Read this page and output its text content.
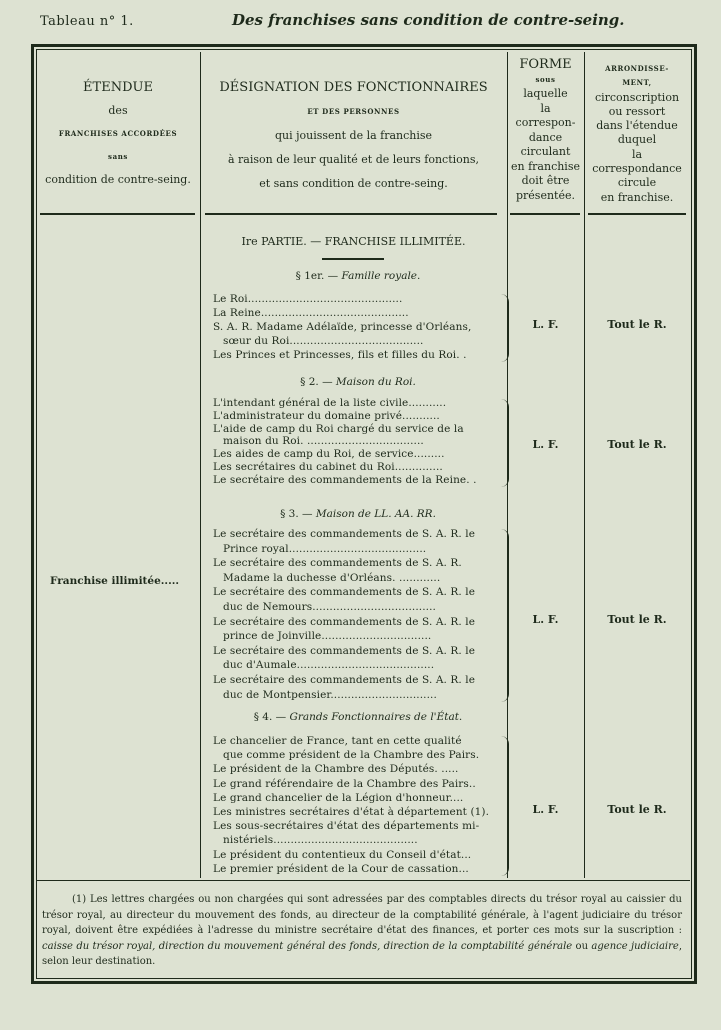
Tableau n° 1.	Des franchises sans condition de contre-seing.
ÉTENDUE
des
FRANCHISES ACCORDÉES
sans
condition de contre-seing.
DÉSIGNATION DES FONCTIONNAIRES
ET DES PERSONNES
qui jouissent de la franchise
à raison de leur qualité et de leurs fonctions,
et sans condition de contre-seing.
FORME
sous
laquelle
la
correspon-
dance
circulant
en franchise
doit être
présentée.
ARRONDISSE-
MENT,
circonscription
ou ressort
dans l'étendue
duquel
la
correspondance
circule
en franchise.
Ire PARTIE. — FRANCHISE ILLIMITÉE.
Franchise illimitée.....
§ 1er. — Famille royale.
Le Roi.............................................
La Reine...........................................
S. A. R. Madame Adélaïde, princesse d'Orléans,
sœur du Roi.......................................
Les Princes et Princesses, fils et filles du Roi. .
L. F.	Tout le R.
§ 2. — Maison du Roi.
L'intendant général de la liste civile...........
L'administrateur du domaine privé...........
L'aide de camp du Roi chargé du service de la
maison du Roi. ..................................
Les aides de camp du Roi, de service.........
Les secrétaires du cabinet du Roi..............
Le secrétaire des commandements de la Reine. .
L. F.	Tout le R.
§ 3. — Maison de LL. AA. RR.
Le secrétaire des commandements de S. A. R. le
Prince royal........................................
Le secrétaire des commandements de S. A. R.
Madame la duchesse d'Orléans. ............
Le secrétaire des commandements de S. A. R. le
duc de Nemours....................................
Le secrétaire des commandements de S. A. R. le
prince de Joinville................................
Le secrétaire des commandements de S. A. R. le
duc d'Aumale........................................
Le secrétaire des commandements de S. A. R. le
duc de Montpensier...............................
L. F.	Tout le R.
§ 4. — Grands Fonctionnaires de l'État.
Le chancelier de France, tant en cette qualité
que comme président de la Chambre des Pairs.
Le président de la Chambre des Députés. .....
Le grand référendaire de la Chambre des Pairs..
Le grand chancelier de la Légion d'honneur....
Les ministres secrétaires d'état à département (1).
Les sous-secrétaires d'état des départements mi-
nistériels..........................................
Le président du contentieux du Conseil d'état...
Le premier président de la Cour de cassation...
L. F.	Tout le R.
(1) Les lettres chargées ou non chargées qui sont adressées par des comptables directs du trésor royal au caissier du trésor royal, au directeur du mouvement des fonds, au directeur de la comptabilité générale, à l'agent judiciaire du trésor royal, doivent être expédiées à l'adresse du ministre secrétaire d'état des finances, et porter ces mots sur la suscription : caisse du trésor royal, direction du mouvement général des fonds, direction de la comptabilité générale ou agence judiciaire, selon leur destination.
